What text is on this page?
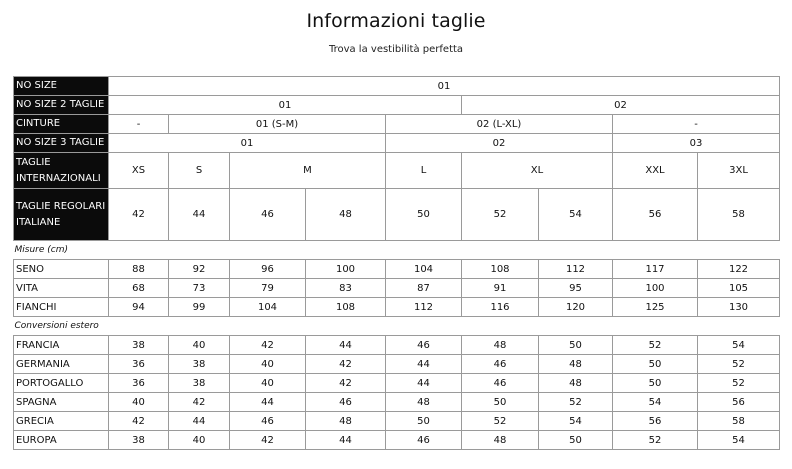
Informazioni taglie
Trova la vestibilità perfetta
NO SIZE	01								
NO SIZE 2 TAGLIE	01					02			
CINTURE	-	01 (S-M)			02 (L-XL)			-	
NO SIZE 3 TAGLIE	01				02			03	
TAGLIE INTERNAZIONALI	XS	S	M		L	XL		XXL	3XL
TAGLIE REGOLARI ITALIANE	42	44	46	48	50	52	54	56	58
Misure (cm)									
SENO	88	92	96	100	104	108	112	117	122
VITA	68	73	79	83	87	91	95	100	105
FIANCHI	94	99	104	108	112	116	120	125	130
Conversioni estero									
FRANCIA	38	40	42	44	46	48	50	52	54
GERMANIA	36	38	40	42	44	46	48	50	52
PORTOGALLO	36	38	40	42	44	46	48	50	52
SPAGNA	40	42	44	46	48	50	52	54	56
GRECIA	42	44	46	48	50	52	54	56	58
EUROPA	38	40	42	44	46	48	50	52	54
